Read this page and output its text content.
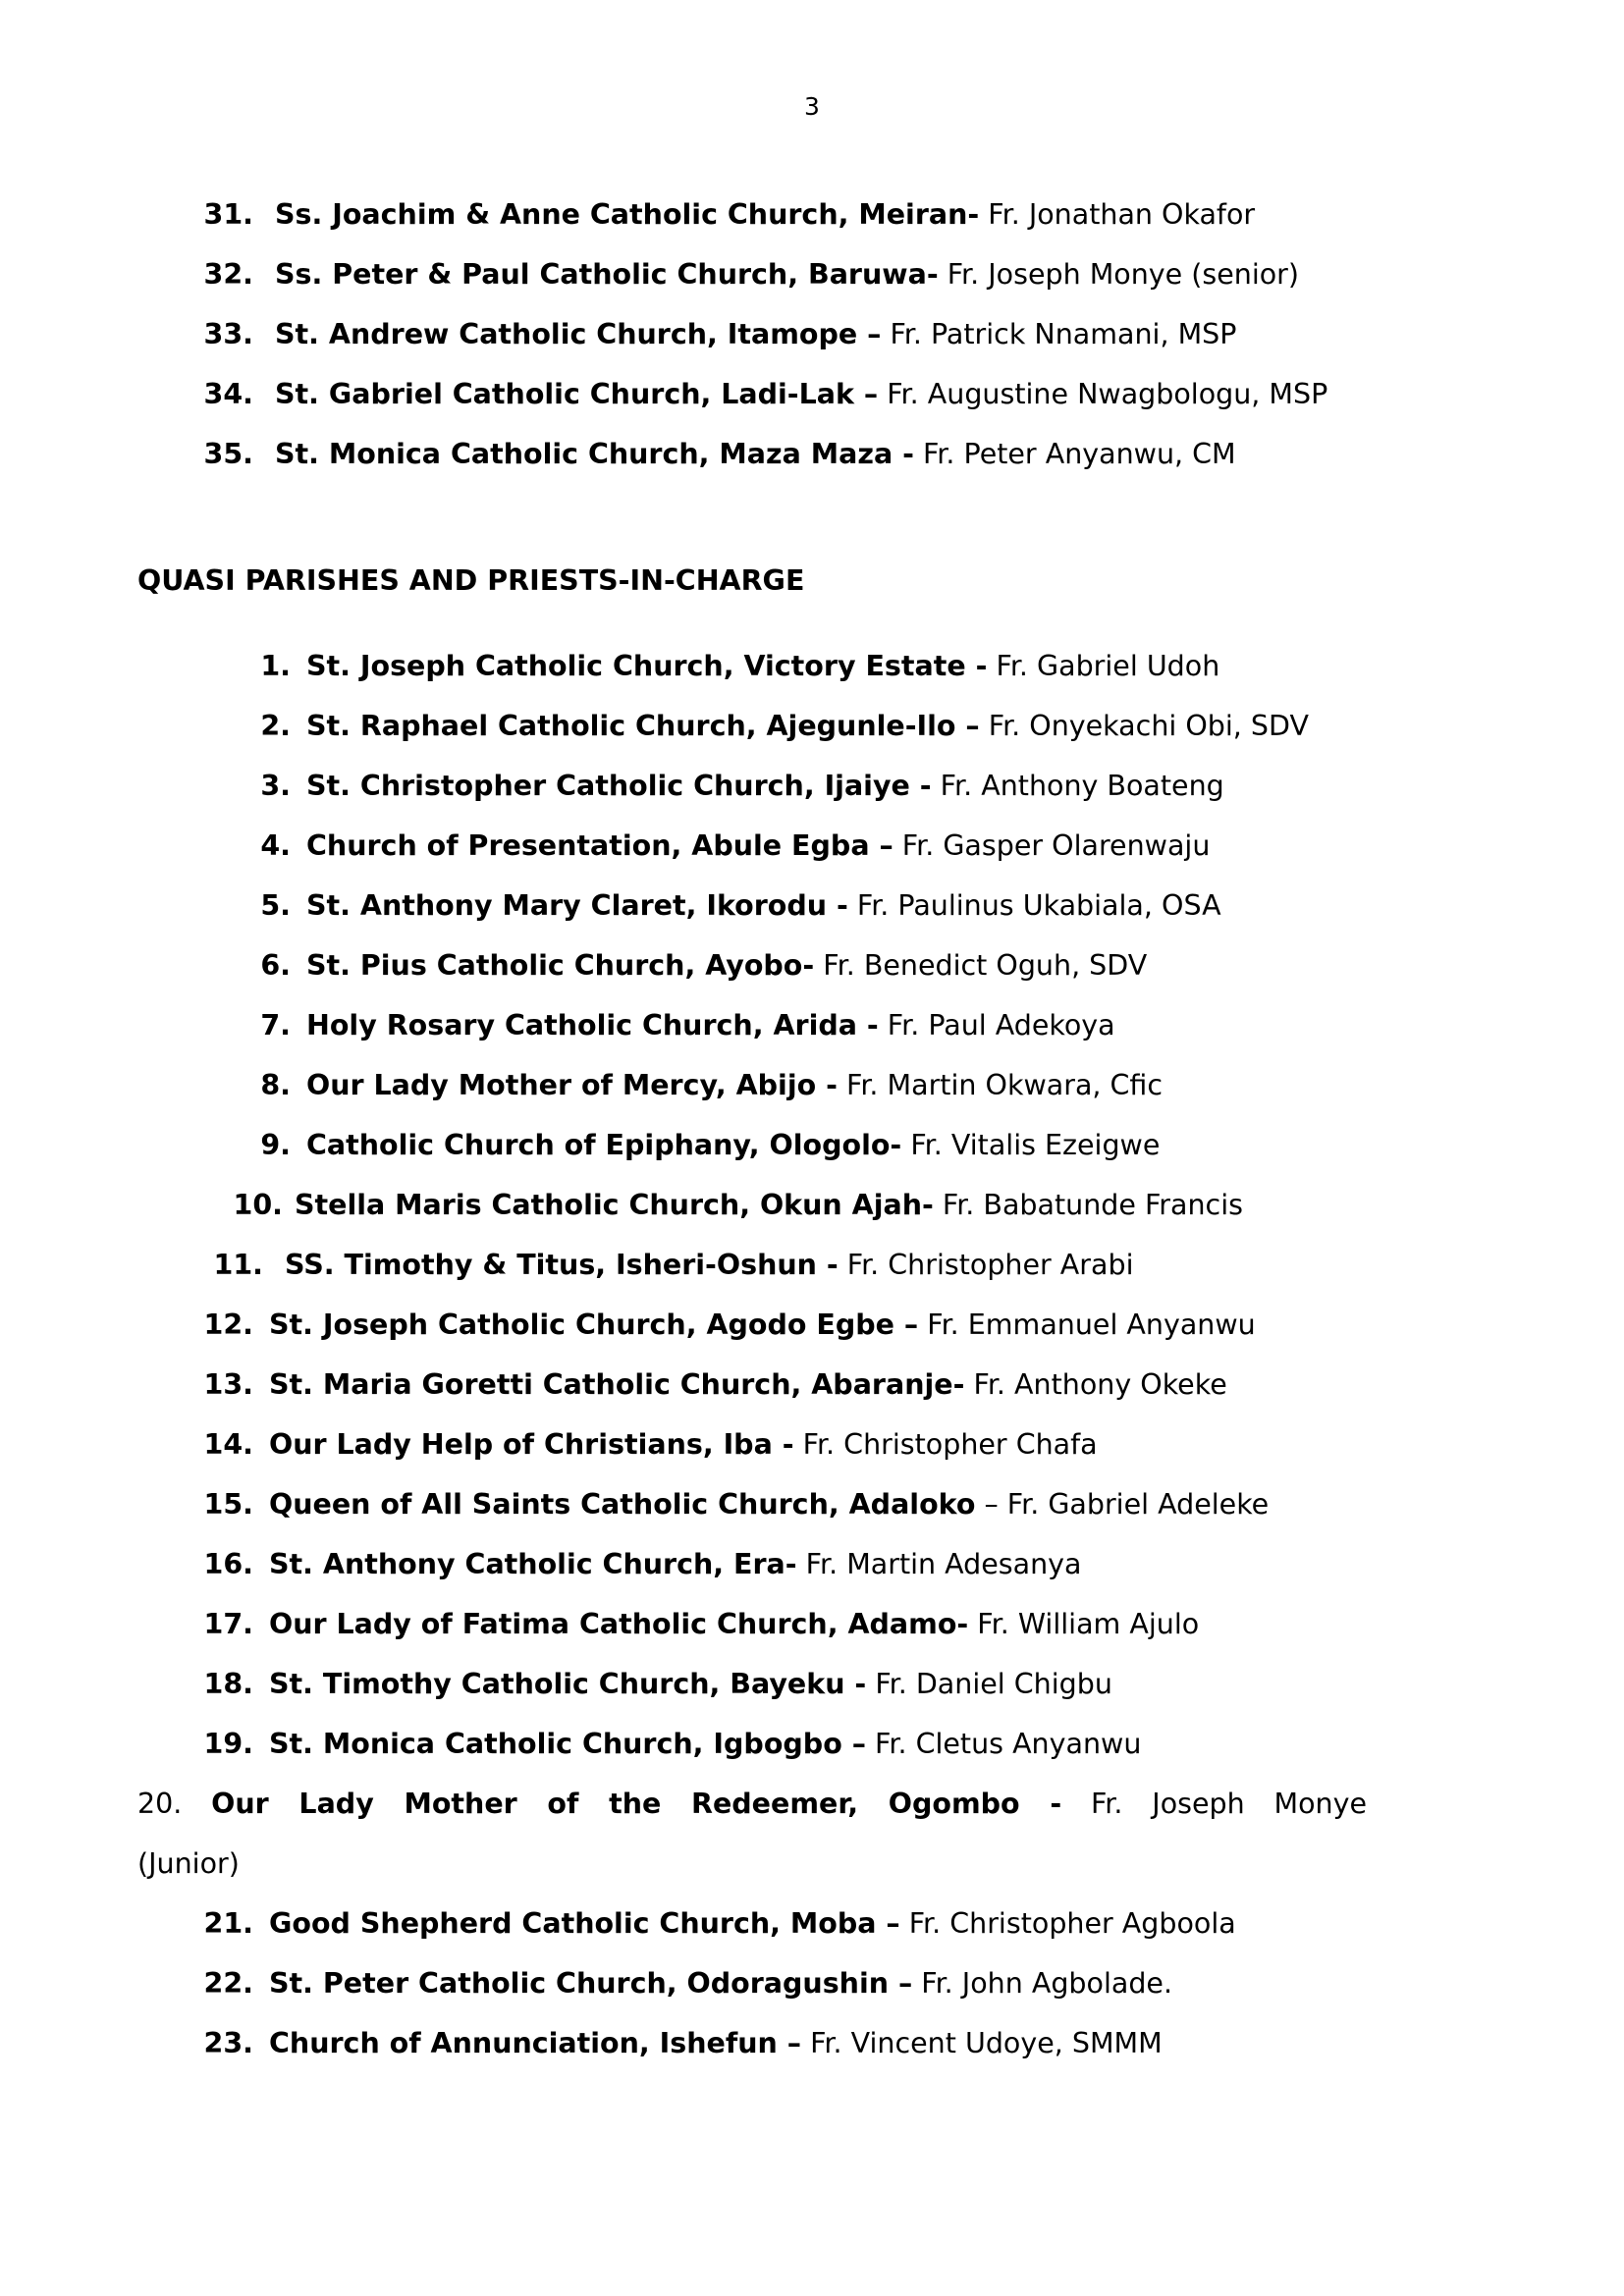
3
31. Ss. Joachim & Anne Catholic Church, Meiran- Fr. Jonathan Okafor
32. Ss. Peter & Paul Catholic Church, Baruwa- Fr. Joseph Monye (senior)
33. St. Andrew Catholic Church, Itamope – Fr. Patrick Nnamani, MSP
34. St. Gabriel Catholic Church, Ladi-Lak – Fr. Augustine Nwagbologu, MSP
35. St. Monica Catholic Church, Maza Maza - Fr. Peter Anyanwu, CM
QUASI PARISHES AND PRIESTS-IN-CHARGE
1. St. Joseph Catholic Church, Victory Estate - Fr. Gabriel Udoh
2. St. Raphael Catholic Church, Ajegunle-Ilo – Fr. Onyekachi Obi, SDV
3. St. Christopher Catholic Church, Ijaiye - Fr. Anthony Boateng
4. Church of Presentation, Abule Egba – Fr. Gasper Olarenwaju
5. St. Anthony Mary Claret, Ikorodu - Fr. Paulinus Ukabiala, OSA
6. St. Pius Catholic Church, Ayobo- Fr. Benedict Oguh, SDV
7. Holy Rosary Catholic Church, Arida - Fr. Paul Adekoya
8. Our Lady Mother of Mercy, Abijo - Fr. Martin Okwara, Cfic
9. Catholic Church of Epiphany, Ologolo- Fr. Vitalis Ezeigwe
10. Stella Maris Catholic Church, Okun Ajah- Fr. Babatunde Francis
11. SS. Timothy & Titus, Isheri-Oshun - Fr. Christopher Arabi
12. St. Joseph Catholic Church, Agodo Egbe – Fr. Emmanuel Anyanwu
13. St. Maria Goretti Catholic Church, Abaranje- Fr. Anthony Okeke
14. Our Lady Help of Christians, Iba - Fr. Christopher Chafa
15. Queen of All Saints Catholic Church, Adaloko – Fr. Gabriel Adeleke
16. St. Anthony Catholic Church, Era- Fr. Martin Adesanya
17. Our Lady of Fatima Catholic Church, Adamo- Fr. William Ajulo
18. St. Timothy Catholic Church, Bayeku - Fr. Daniel Chigbu
19. St. Monica Catholic Church, Igbogbo – Fr. Cletus Anyanwu
20. Our Lady Mother of the Redeemer, Ogombo - Fr. Joseph Monye
(Junior)
21. Good Shepherd Catholic Church, Moba – Fr. Christopher Agboola
22. St. Peter Catholic Church, Odoragushin – Fr. John Agbolade.
23. Church of Annunciation, Ishefun – Fr. Vincent Udoye, SMMM
